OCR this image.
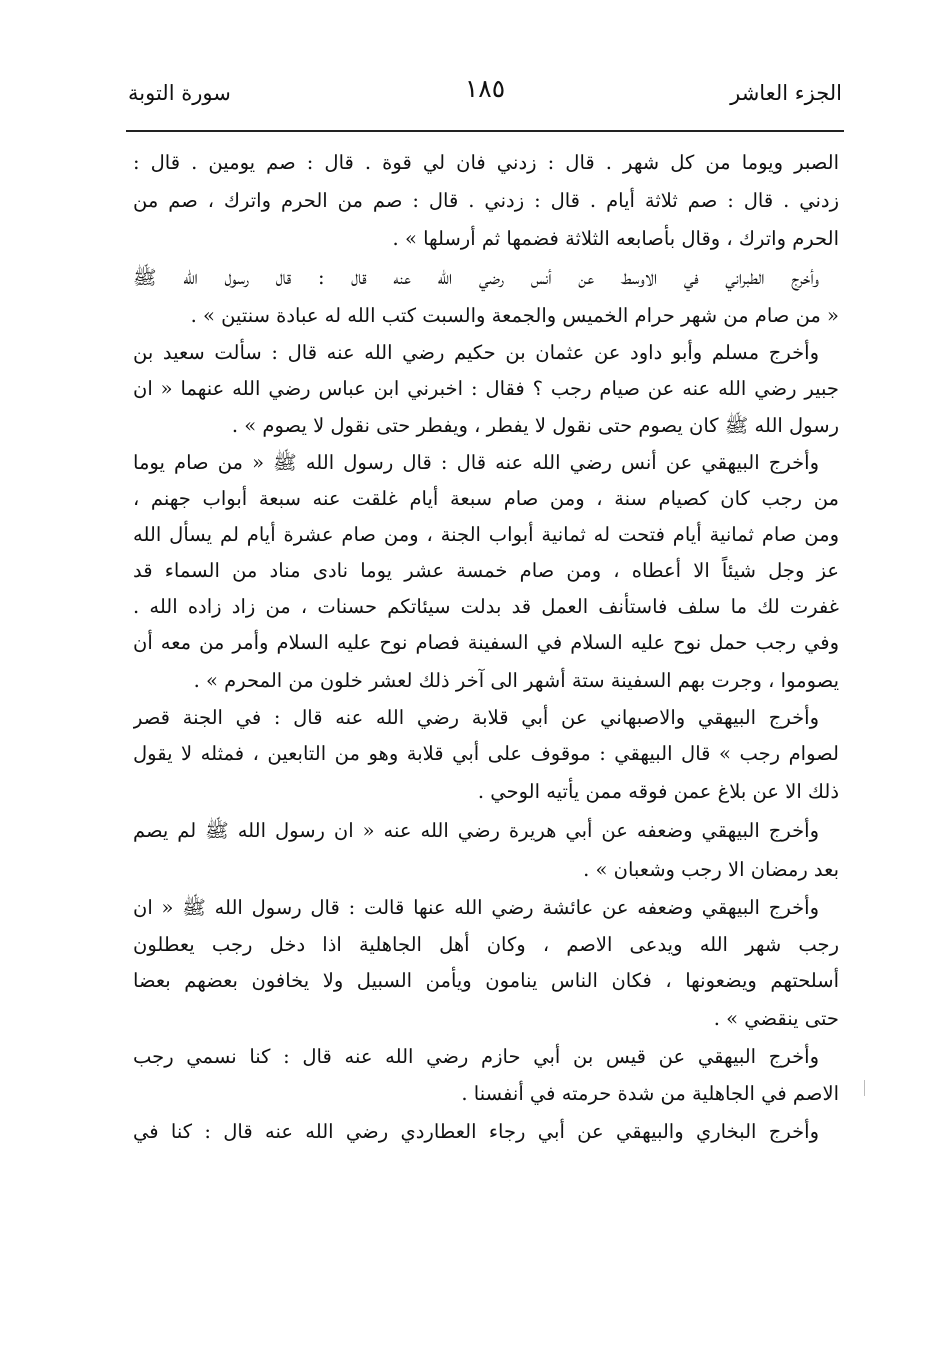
الجزء العاشر
١٨٥
سورة التوبة

الصبر ويوما من كل شهر . قال : زدني فان لي قوة . قال : صم يومين . قال :

زدني . قال : صم ثلاثة أيام . قال : زدني . قال : صم من الحرم واترك ، صم من

الحرم واترك ، وقال بأصابعه الثلاثة فضمها ثم أرسلها » .

وأخرج الطبراني في الاوسط عن أنس رضي الله عنه قال : قال رسول الله ﷺ

« من صام من شهر حرام الخميس والجمعة والسبت كتب الله له عبادة سنتين » .

وأخرج مسلم وأبو داود عن عثمان بن حكيم رضي الله عنه قال : سألت سعيد بن

جبير رضي الله عنه عن صيام رجب ؟ فقال : اخبرني ابن عباس رضي الله عنهما « ان

رسول الله ﷺ كان يصوم حتى نقول لا يفطر ، ويفطر حتى نقول لا يصوم » .

وأخرج البيهقي عن أنس رضي الله عنه قال : قال رسول الله ﷺ « من صام يوما

من رجب كان كصيام سنة ، ومن صام سبعة أيام غلقت عنه سبعة أبواب جهنم ،

ومن صام ثمانية أيام فتحت له ثمانية أبواب الجنة ، ومن صام عشرة أيام لم يسأل الله

عز وجل شيئاً الا أعطاه ، ومن صام خمسة عشر يوما نادى مناد من السماء قد

غفرت لك ما سلف فاستأنف العمل قد بدلت سيئاتكم حسنات ، من زاد زاده الله .

وفي رجب حمل نوح عليه السلام في السفينة فصام نوح عليه السلام وأمر من معه أن

يصوموا ، وجرت بهم السفينة ستة أشهر الى آخر ذلك لعشر خلون من المحرم » .

وأخرج البيهقي والاصبهاني عن أبي قلابة رضي الله عنه قال : في الجنة قصر

لصوام رجب » قال البيهقي : موقوف على أبي قلابة وهو من التابعين ، فمثله لا يقول

ذلك الا عن بلاغ عمن فوقه ممن يأتيه الوحي .

وأخرج البيهقي وضعفه عن أبي هريرة رضي الله عنه « ان رسول الله ﷺ لم يصم

بعد رمضان الا رجب وشعبان » .

وأخرج البيهقي وضعفه عن عائشة رضي الله عنها قالت : قال رسول الله ﷺ « ان

رجب شهر الله ويدعى الاصم ، وكان أهل الجاهلية اذا دخل رجب يعطلون

أسلحتهم ويضعونها ، فكان الناس ينامون ويأمن السبيل ولا يخافون بعضهم بعضا

حتى ينقضي » .

وأخرج البيهقي عن قيس بن أبي حازم رضي الله عنه قال : كنا نسمي رجب

الاصم في الجاهلية من شدة حرمته في أنفسنا .

وأخرج البخاري والبيهقي عن أبي رجاء العطاردي رضي الله عنه قال : كنا في
